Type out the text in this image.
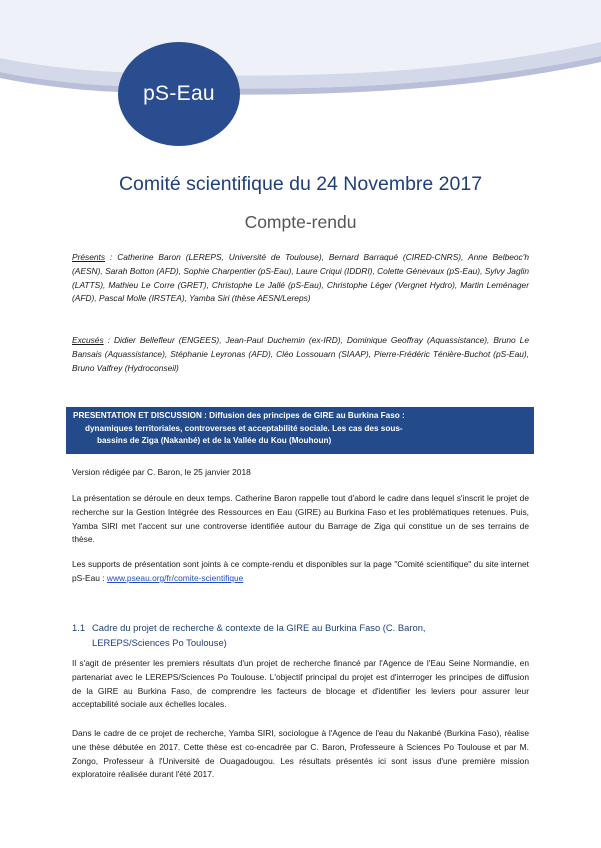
pS-Eau
Comité scientifique du 24 Novembre 2017
Compte-rendu

Présents : Catherine Baron (LEREPS, Université de Toulouse), Bernard Barraqué (CIRED-CNRS), Anne Belbeoc'h (AESN), Sarah Botton (AFD), Sophie Charpentier (pS-Eau), Laure Criqui (IDDRI), Colette Génevaux (pS-Eau), Sylvy Jaglin (LATTS), Mathieu Le Corre (GRET), Christophe Le Jallé (pS-Eau), Christophe Léger (Vergnet Hydro), Martin Leménager (AFD), Pascal Molle (IRSTEA), Yamba Siri (thèse AESN/Lereps)

Excusés : Didier Bellefleur (ENGEES), Jean-Paul Duchemin (ex-IRD), Dominique Geoffray (Aquassistance), Bruno Le Bansais (Aquassistance), Stéphanie Leyronas (AFD), Cléo Lossouarn (SIAAP), Pierre-Frédéric Ténière-Buchot (pS-Eau), Bruno Valfrey (Hydroconseil)

PRESENTATION ET DISCUSSION : Diffusion des principes de GIRE au Burkina Faso :
dynamiques territoriales, controverses et acceptabilité sociale. Les cas des sous-
bassins de Ziga (Nakanbé) et de la Vallée du Kou (Mouhoun)

Version rédigée par C. Baron, le 25 janvier 2018

La présentation se déroule en deux temps. Catherine Baron rappelle tout d'abord le cadre dans lequel s'inscrit le projet de recherche sur la Gestion Intégrée des Ressources en Eau (GIRE) au Burkina Faso et les problématiques retenues. Puis, Yamba SIRI met l'accent sur une controverse identifiée autour du Barrage de Ziga qui constitue un de ses terrains de thèse.

Les supports de présentation sont joints à ce compte-rendu et disponibles sur la page "Comité scientifique" du site internet pS-Eau : www.pseau.org/fr/comite-scientifique

1.1 Cadre du projet de recherche & contexte de la GIRE au Burkina Faso (C. Baron,
LEREPS/Sciences Po Toulouse)

Il s'agit de présenter les premiers résultats d'un projet de recherche financé par l'Agence de l'Eau Seine Normandie, en partenariat avec le LEREPS/Sciences Po Toulouse. L'objectif principal du projet est d'interroger les principes de diffusion de la GIRE au Burkina Faso, de comprendre les facteurs de blocage et d'identifier les leviers pour assurer leur acceptabilité sociale aux échelles locales.

Dans le cadre de ce projet de recherche, Yamba SIRI, sociologue à l'Agence de l'eau du Nakanbé (Burkina Faso), réalise une thèse débutée en 2017. Cette thèse est co-encadrée par C. Baron, Professeure à Sciences Po Toulouse et par M. Zongo, Professeur à l'Université de Ouagadougou. Les résultats présentés ici sont issus d'une première mission exploratoire réalisée durant l'été 2017.
